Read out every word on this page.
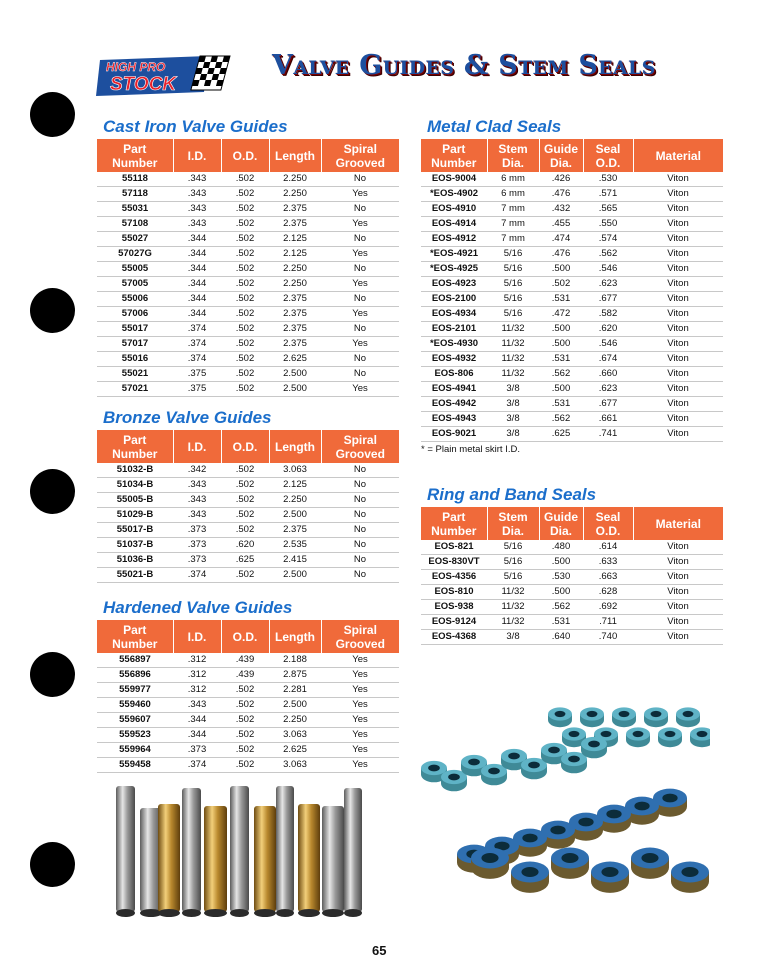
HIGH PRO
STOCK
Valve Guides & Stem Seals
Cast Iron Valve Guides
Part Number	I.D.	O.D.	Length	Spiral Grooved
55118	.343	.502	2.250	No
57118	.343	.502	2.250	Yes
55031	.343	.502	2.375	No
57108	.343	.502	2.375	Yes
55027	.344	.502	2.125	No
57027G	.344	.502	2.125	Yes
55005	.344	.502	2.250	No
57005	.344	.502	2.250	Yes
55006	.344	.502	2.375	No
57006	.344	.502	2.375	Yes
55017	.374	.502	2.375	No
57017	.374	.502	2.375	Yes
55016	.374	.502	2.625	No
55021	.375	.502	2.500	No
57021	.375	.502	2.500	Yes
Bronze Valve Guides
Part Number	I.D.	O.D.	Length	Spiral Grooved
51032-B	.342	.502	3.063	No
51034-B	.343	.502	2.125	No
55005-B	.343	.502	2.250	No
51029-B	.343	.502	2.500	No
55017-B	.373	.502	2.375	No
51037-B	.373	.620	2.535	No
51036-B	.373	.625	2.415	No
55021-B	.374	.502	2.500	No
Hardened Valve Guides
Part Number	I.D.	O.D.	Length	Spiral Grooved
556897	.312	.439	2.188	Yes
556896	.312	.439	2.875	Yes
559977	.312	.502	2.281	Yes
559460	.343	.502	2.500	Yes
559607	.344	.502	2.250	Yes
559523	.344	.502	3.063	Yes
559964	.373	.502	2.625	Yes
559458	.374	.502	3.063	Yes
Metal Clad Seals
Part Number	Stem Dia.	Guide Dia.	Seal O.D.	Material
EOS-9004	6 mm	.426	.530	Viton
*EOS-4902	6 mm	.476	.571	Viton
EOS-4910	7 mm	.432	.565	Viton
EOS-4914	7 mm	.455	.550	Viton
EOS-4912	7 mm	.474	.574	Viton
*EOS-4921	5/16	.476	.562	Viton
*EOS-4925	5/16	.500	.546	Viton
EOS-4923	5/16	.502	.623	Viton
EOS-2100	5/16	.531	.677	Viton
EOS-4934	5/16	.472	.582	Viton
EOS-2101	11/32	.500	.620	Viton
*EOS-4930	11/32	.500	.546	Viton
EOS-4932	11/32	.531	.674	Viton
EOS-806	11/32	.562	.660	Viton
EOS-4941	3/8	.500	.623	Viton
EOS-4942	3/8	.531	.677	Viton
EOS-4943	3/8	.562	.661	Viton
EOS-9021	3/8	.625	.741	Viton
* = Plain metal skirt I.D.
Ring and Band Seals
Part Number	Stem Dia.	Guide Dia.	Seal O.D.	Material
EOS-821	5/16	.480	.614	Viton
EOS-830VT	5/16	.500	.633	Viton
EOS-4356	5/16	.530	.663	Viton
EOS-810	11/32	.500	.628	Viton
EOS-938	11/32	.562	.692	Viton
EOS-9124	11/32	.531	.711	Viton
EOS-4368	3/8	.640	.740	Viton
65
